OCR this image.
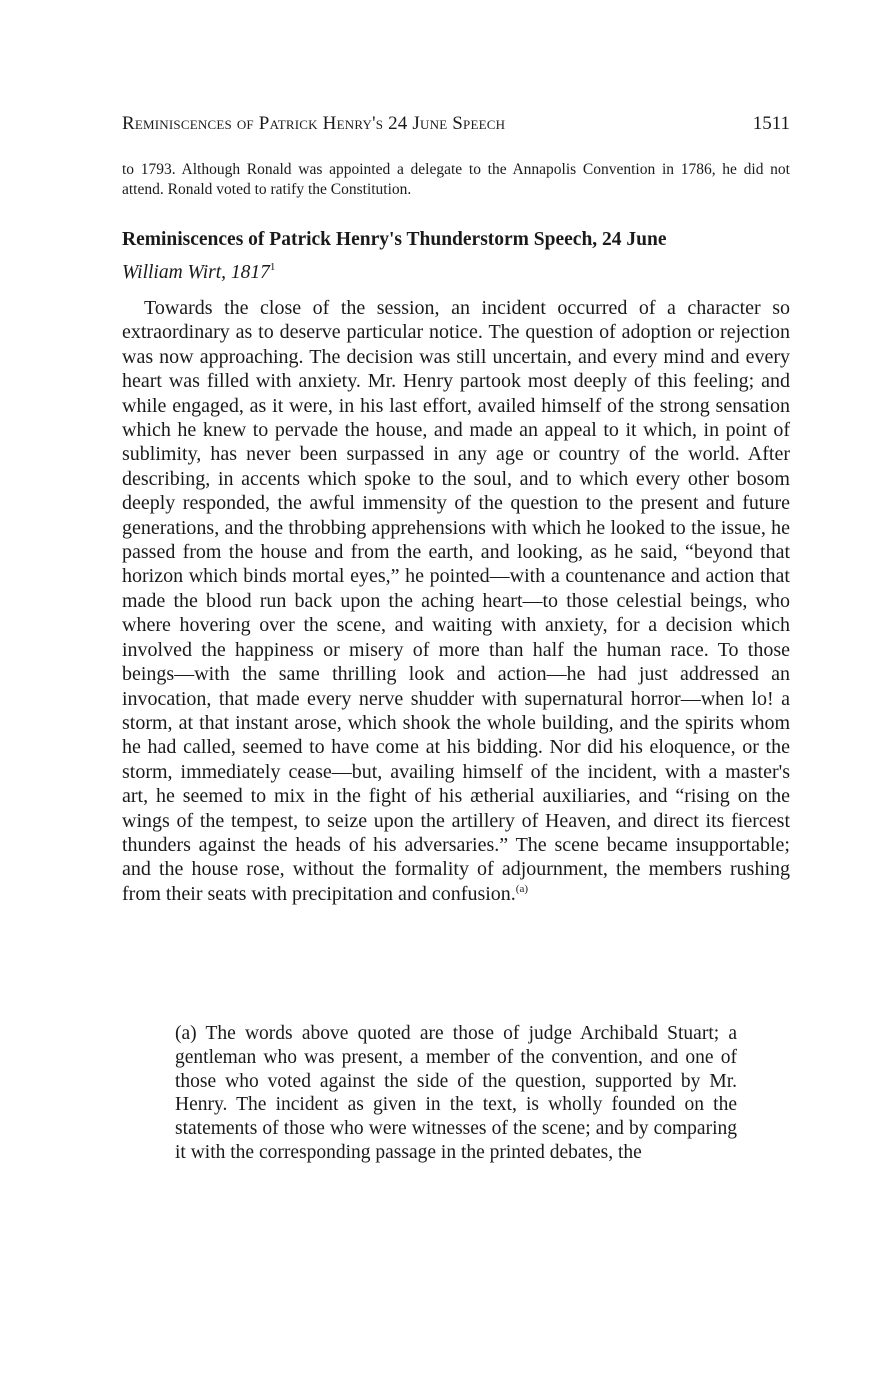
Reminiscences of Patrick Henry's 24 June Speech	1511

to 1793. Although Ronald was appointed a delegate to the Annapolis Convention in 1786, he did not attend. Ronald voted to ratify the Constitution.

Reminiscences of Patrick Henry's Thunderstorm Speech, 24 June

William Wirt, 1817$^1$

Towards the close of the session, an incident occurred of a character so extraordinary as to deserve particular notice. The question of adoption or rejection was now approaching. The decision was still uncertain, and every mind and every heart was filled with anxiety. Mr. Henry partook most deeply of this feeling; and while engaged, as it were, in his last effort, availed himself of the strong sensation which he knew to pervade the house, and made an appeal to it which, in point of sublimity, has never been surpassed in any age or country of the world. After describing, in accents which spoke to the soul, and to which every other bosom deeply responded, the awful immensity of the question to the present and future generations, and the throbbing apprehensions with which he looked to the issue, he passed from the house and from the earth, and looking, as he said, “beyond that horizon which binds mortal eyes,” he pointed—with a countenance and action that made the blood run back upon the aching heart—to those celestial beings, who where hovering over the scene, and waiting with anxiety, for a decision which involved the happiness or misery of more than half the human race. To those beings—with the same thrilling look and action—he had just addressed an invocation, that made every nerve shudder with supernatural horror—when lo! a storm, at that instant arose, which shook the whole building, and the spirits whom he had called, seemed to have come at his bidding. Nor did his eloquence, or the storm, immediately cease—but, availing himself of the incident, with a master's art, he seemed to mix in the fight of his ætherial auxiliaries, and “rising on the wings of the tempest, to seize upon the artillery of Heaven, and direct its fiercest thunders against the heads of his adversaries.” The scene became insupportable; and the house rose, without the formality of adjournment, the members rushing from their seats with precipitation and confusion.$^{(a)}$

(a) The words above quoted are those of judge Archibald Stuart; a gentleman who was present, a member of the convention, and one of those who voted against the side of the question, supported by Mr. Henry. The incident as given in the text, is wholly founded on the statements of those who were witnesses of the scene; and by comparing it with the corresponding passage in the printed debates, the
